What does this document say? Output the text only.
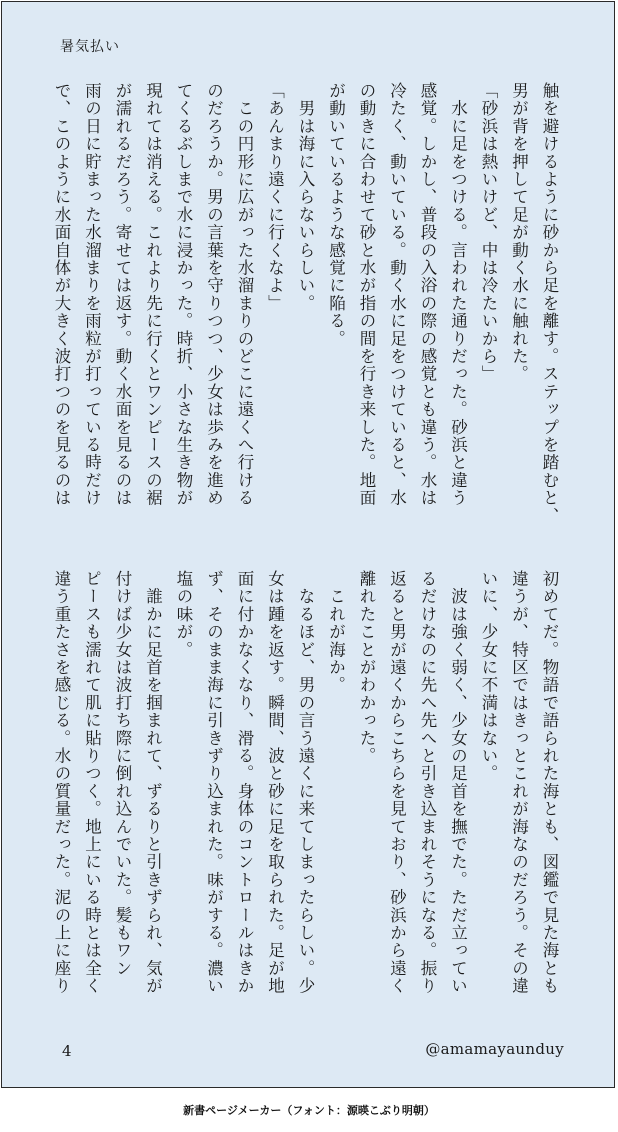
暑気払い
触を避けるように砂から足を離す。ステップを踏むと、
男が背を押して足が動く水に触れた。
「砂浜は熱いけど、中は冷たいから」
　水に足をつける。言われた通りだった。砂浜と違う
感覚。しかし、普段の入浴の際の感覚とも違う。水は
冷たく、動いている。動く水に足をつけていると、水
の動きに合わせて砂と水が指の間を行き来した。地面
が動いているような感覚に陥る。
　男は海に入らないらしい。
「あんまり遠くに行くなよ」
　この円形に広がった水溜まりのどこに遠くへ行ける
のだろうか。男の言葉を守りつつ、少女は歩みを進め
てくるぶしまで水に浸かった。時折、小さな生き物が
現れては消える。これより先に行くとワンピースの裾
が濡れるだろう。寄せては返す。動く水面を見るのは
雨の日に貯まった水溜まりを雨粒が打っている時だけ
で、このように水面自体が大きく波打つのを見るのは
初めてだ。物語で語られた海とも、図鑑で見た海とも
違うが、特区ではきっとこれが海なのだろう。その違
いに、少女に不満はない。
　波は強く弱く、少女の足首を撫でた。ただ立ってい
るだけなのに先へ先へと引き込まれそうになる。振り
返ると男が遠くからこちらを見ており、砂浜から遠く
離れたことがわかった。
　これが海か。
　なるほど、男の言う遠くに来てしまったらしい。少
女は踵を返す。瞬間、波と砂に足を取られた。足が地
面に付かなくなり、滑る。身体のコントロールはきか
ず、そのまま海に引きずり込まれた。味がする。濃い
塩の味が。
　誰かに足首を掴まれて、ずるりと引きずられ、気が
付けば少女は波打ち際に倒れ込んでいた。髪もワン
ピースも濡れて肌に貼りつく。地上にいる時とは全く
違う重たさを感じる。水の質量だった。泥の上に座り
4	@amamayaunduy
新書ページメーカー（フォント：源暎こぶり明朝）
